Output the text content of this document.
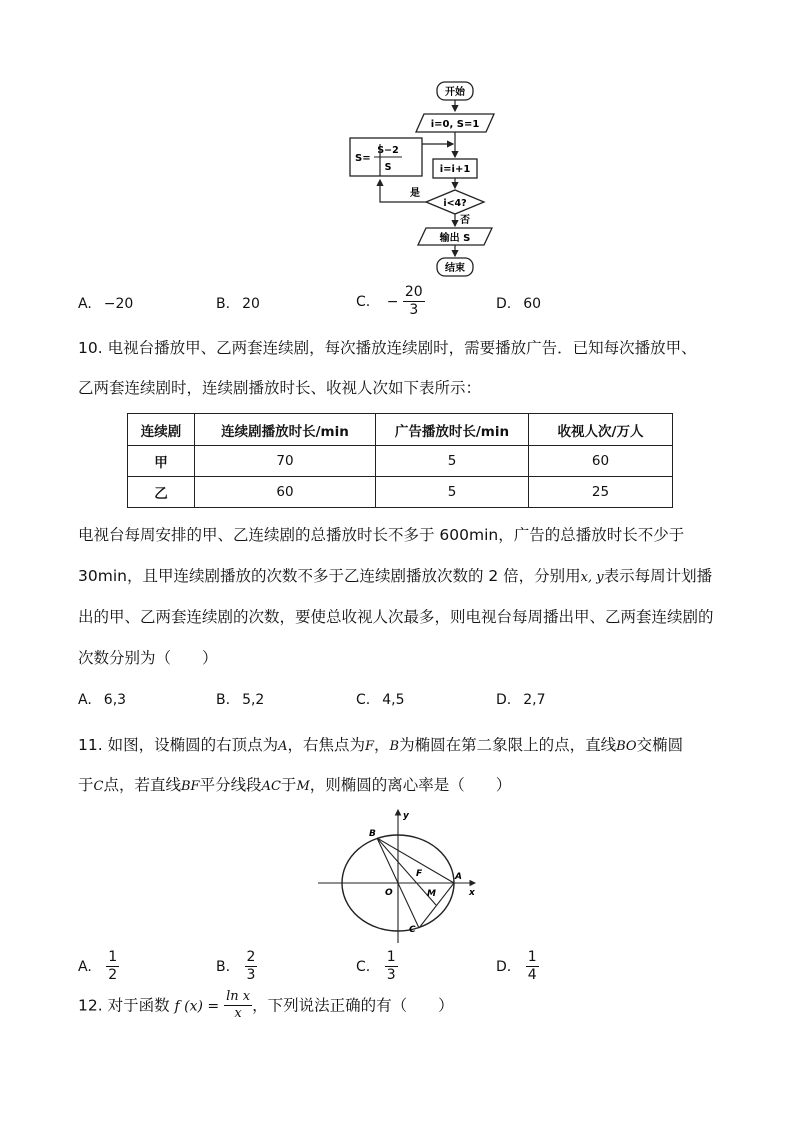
开始
i=0, S=1
i=i+1
i<4?
是
S=
S−2
S
否
输出 S
结束
A. −20	B. 20	C. − $\frac{20}{3}$	D. 60
10. 电视台播放甲、乙两套连续剧，每次播放连续剧时，需要播放广告．已知每次播放甲、
乙两套连续剧时，连续剧播放时长、收视人次如下表所示：
连续剧	连续剧播放时长/min	广告播放时长/min	收视人次/万人
甲	70	5	60
乙	60	5	25
电视台每周安排的甲、乙连续剧的总播放时长不多于 600min，广告的总播放时长不少于
30min，且甲连续剧播放的次数不多于乙连续剧播放次数的 2 倍，分别用x, y表示每周计划播
出的甲、乙两套连续剧的次数，要使总收视人次最多，则电视台每周播出甲、乙两套连续剧的
次数分别为（　　）
A. 6,3	B. 5,2	C. 4,5	D. 2,7
11. 如图，设椭圆的右顶点为A，右焦点为F，B为椭圆在第二象限上的点，直线BO交椭圆
于C点，若直线BF平分线段AC于M，则椭圆的离心率是（　　）
B
y
F	A
O	M	x
C
A. $\frac{1}{2}$	B. $\frac{2}{3}$	C. $\frac{1}{3}$	D. $\frac{1}{4}$
12. 对于函数 f $(x) = \frac{\text{ln x}}{x}$ ，下列说法正确的有（　　）
